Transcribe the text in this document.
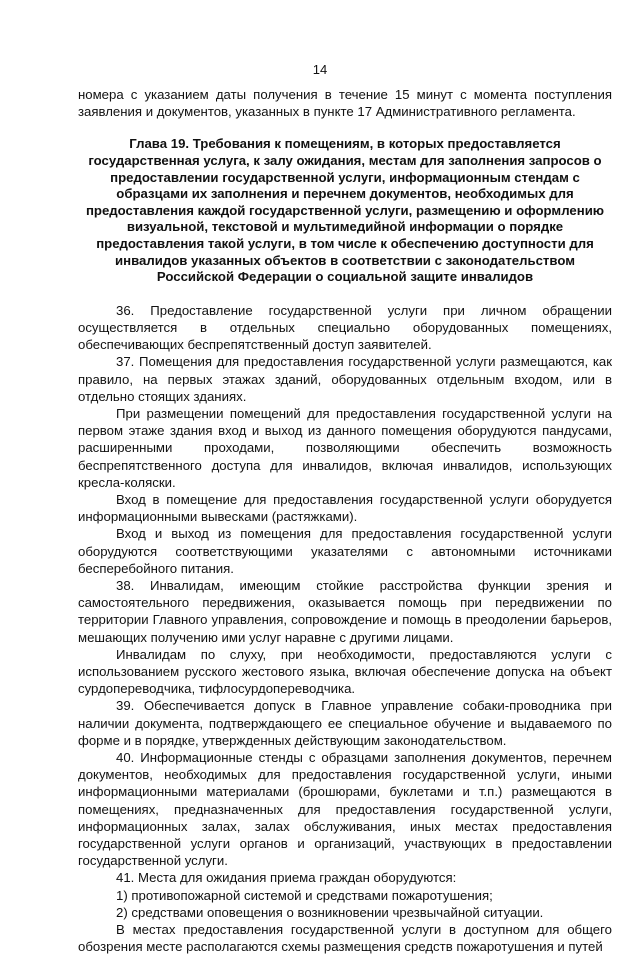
14

номера с указанием даты получения в течение 15 минут с момента поступления заявления и документов, указанных в пункте 17 Административного регламента.

Глава 19. Требования к помещениям, в которых предоставляется государственная услуга, к залу ожидания, местам для заполнения запросов о предоставлении государственной услуги, информационным стендам с образцами их заполнения и перечнем документов, необходимых для предоставления каждой государственной услуги, размещению и оформлению визуальной, текстовой и мультимедийной информации о порядке предоставления такой услуги, в том числе к обеспечению доступности для инвалидов указанных объектов в соответствии с законодательством Российской Федерации о социальной защите инвалидов

36. Предоставление государственной услуги при личном обращении осуществляется в отдельных специально оборудованных помещениях, обеспечивающих беспрепятственный доступ заявителей.

37. Помещения для предоставления государственной услуги размещаются, как правило, на первых этажах зданий, оборудованных отдельным входом, или в отдельно стоящих зданиях.

При размещении помещений для предоставления государственной услуги на первом этаже здания вход и выход из данного помещения оборудуются пандусами, расширенными проходами, позволяющими обеспечить возможность беспрепятственного доступа для инвалидов, включая инвалидов, использующих кресла-коляски.

Вход в помещение для предоставления государственной услуги оборудуется информационными вывесками (растяжками).

Вход и выход из помещения для предоставления государственной услуги оборудуются соответствующими указателями с автономными источниками бесперебойного питания.

38. Инвалидам, имеющим стойкие расстройства функции зрения и самостоятельного передвижения, оказывается помощь при передвижении по территории Главного управления, сопровождение и помощь в преодолении барьеров, мешающих получению ими услуг наравне с другими лицами.

Инвалидам по слуху, при необходимости, предоставляются услуги с использованием русского жестового языка, включая обеспечение допуска на объект сурдопереводчика, тифлосурдопереводчика.

39. Обеспечивается допуск в Главное управление собаки-проводника при наличии документа, подтверждающего ее специальное обучение и выдаваемого по форме и в порядке, утвержденных действующим законодательством.

40. Информационные стенды с образцами заполнения документов, перечнем документов, необходимых для предоставления государственной услуги, иными информационными материалами (брошюрами, буклетами и т.п.) размещаются в помещениях, предназначенных для предоставления государственной услуги, информационных залах, залах обслуживания, иных местах предоставления государственной услуги органов и организаций, участвующих в предоставлении государственной услуги.

41. Места для ожидания приема граждан оборудуются:

1) противопожарной системой и средствами пожаротушения;

2) средствами оповещения о возникновении чрезвычайной ситуации.

В местах предоставления государственной услуги в доступном для общего обозрения месте располагаются схемы размещения средств пожаротушения и путей
